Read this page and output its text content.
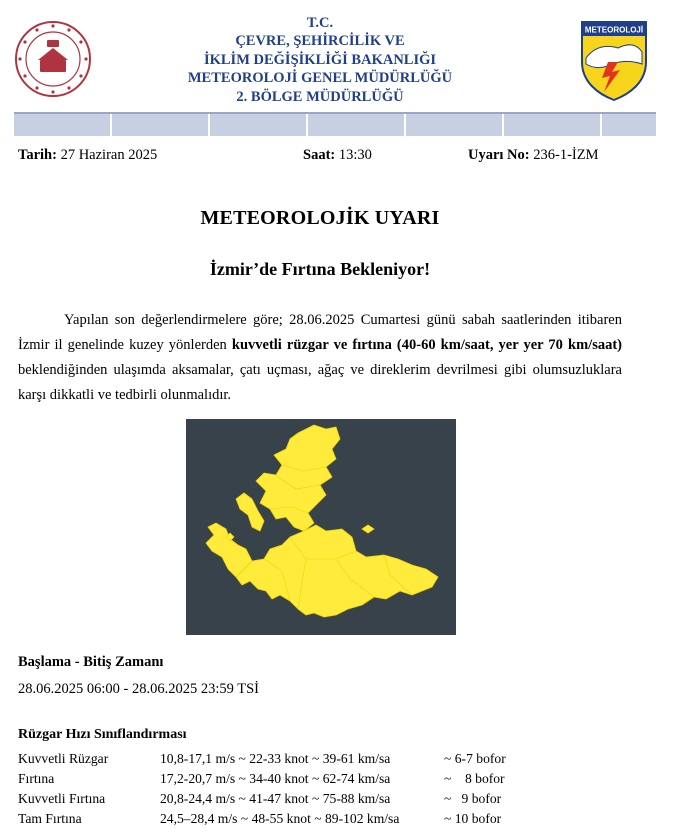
T.C.
ÇEVRE, ŞEHİRCİLİK VE
İKLİM DEĞİŞİKLİĞİ BAKANLIĞI
METEOROLOJİ GENEL MÜDÜRLÜĞÜ
2. BÖLGE MÜDÜRLÜĞÜ
METEOROLOJİ
Tarih: 27 Haziran 2025	Saat: 13:30	Uyarı No: 236-1-İZM
METEOROLOJİK UYARI
İzmir’de Fırtına Bekleniyor!
Yapılan son değerlendirmelere göre; 28.06.2025 Cumartesi günü sabah saatlerinden itibaren İzmir il genelinde kuzey yönlerden kuvvetli rüzgar ve fırtına (40-60 km/saat, yer yer 70 km/saat) beklendiğinden ulaşımda aksamalar, çatı uçması, ağaç ve direklerim devrilmesi gibi olumsuzluklara karşı dikkatli ve tedbirli olunmalıdır.
Başlama - Bitiş Zamanı
28.06.2025 06:00 - 28.06.2025 23:59 TSİ
Rüzgar Hızı Sınıflandırması
Kuvvetli Rüzgar	10,8-17,1 m/s ~ 22-33 knot ~ 39-61 km/sa	~ 6-7 bofor
Fırtına	17,2-20,7 m/s ~ 34-40 knot ~ 62-74 km/sa	~    8 bofor
Kuvvetli Fırtına	20,8-24,4 m/s ~ 41-47 knot ~ 75-88 km/sa	~   9 bofor
Tam Fırtına	24,5–28,4 m/s ~ 48-55 knot ~ 89-102 km/sa	~ 10 bofor
